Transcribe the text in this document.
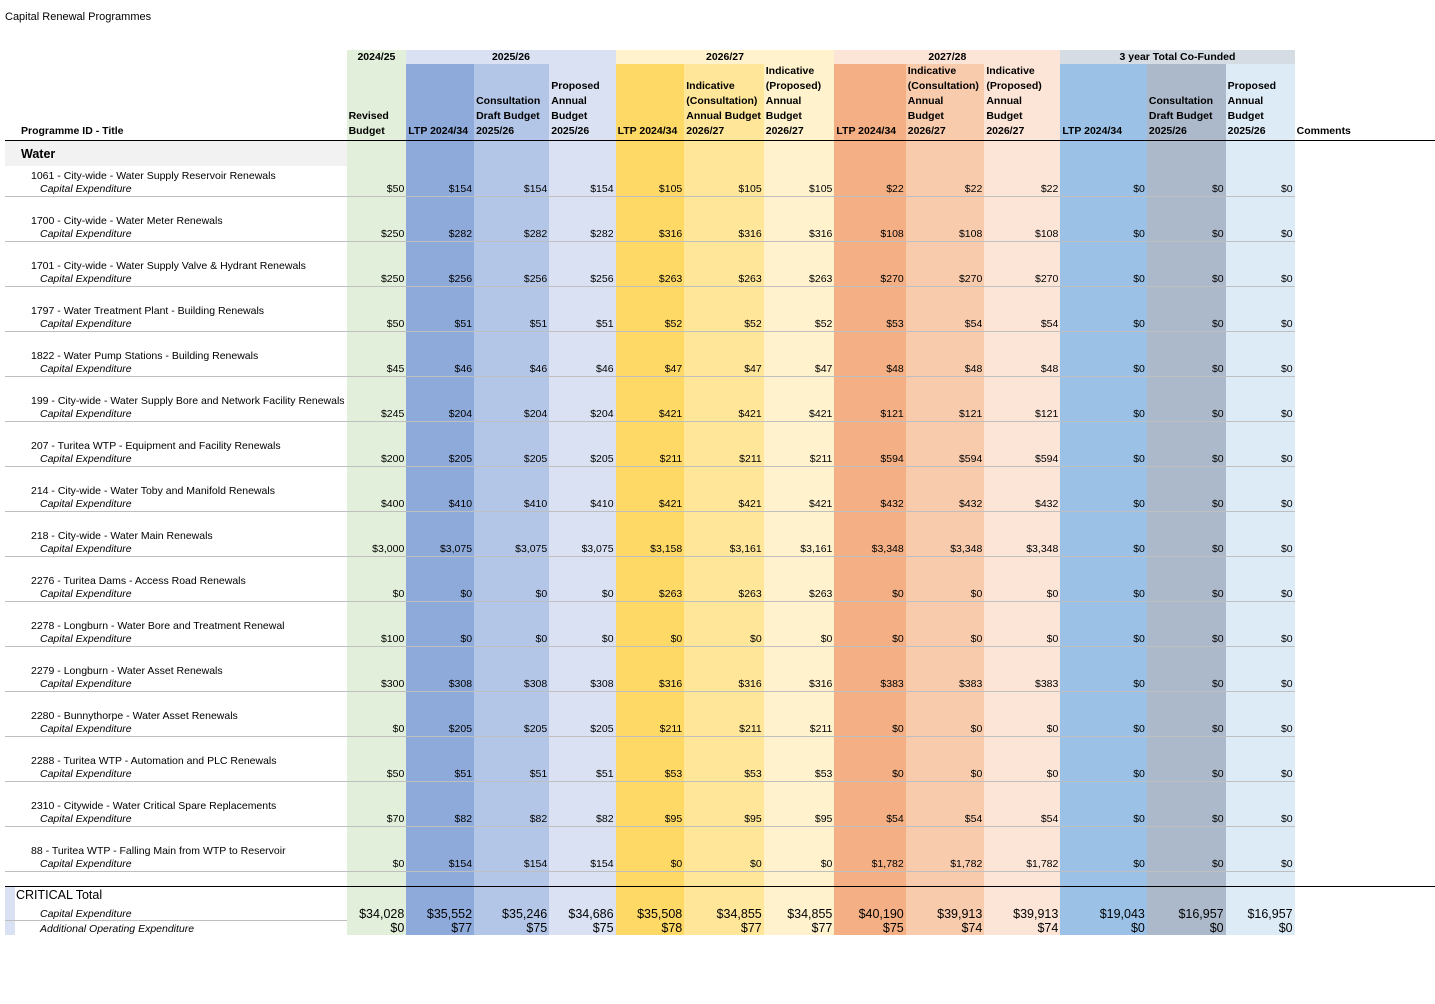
Capital Renewal Programmes
	2024/25	2025/26			2026/27			2027/28			3 year Total Co-Funded			
Programme ID - Title	Revised Budget	LTP 2024/34	Consultation Draft Budget 2025/26	Proposed Annual Budget 2025/26	LTP 2024/34	Indicative (Consultation) Annual Budget 2026/27	Indicative (Proposed) Annual Budget 2026/27	LTP 2024/34	Indicative (Consultation) Annual Budget 2026/27	Indicative (Proposed) Annual Budget 2026/27	LTP 2024/34	Consultation Draft Budget 2025/26	Proposed Annual Budget 2025/26	Comments
Water														
1061 - City-wide - Water Supply Reservoir Renewals														
Capital Expenditure	$50	$154	$154	$154	$105	$105	$105	$22	$22	$22	$0	$0	$0	

1700 - City-wide - Water Meter Renewals														
Capital Expenditure	$250	$282	$282	$282	$316	$316	$316	$108	$108	$108	$0	$0	$0	

1701 - City-wide - Water Supply Valve & Hydrant Renewals														
Capital Expenditure	$250	$256	$256	$256	$263	$263	$263	$270	$270	$270	$0	$0	$0	

1797 - Water Treatment Plant - Building Renewals														
Capital Expenditure	$50	$51	$51	$51	$52	$52	$52	$53	$54	$54	$0	$0	$0	

1822 - Water Pump Stations - Building Renewals														
Capital Expenditure	$45	$46	$46	$46	$47	$47	$47	$48	$48	$48	$0	$0	$0	

199 - City-wide - Water Supply Bore and Network Facility Renewals														
Capital Expenditure	$245	$204	$204	$204	$421	$421	$421	$121	$121	$121	$0	$0	$0	

207 - Turitea WTP - Equipment and Facility Renewals														
Capital Expenditure	$200	$205	$205	$205	$211	$211	$211	$594	$594	$594	$0	$0	$0	

214 - City-wide - Water Toby and Manifold Renewals														
Capital Expenditure	$400	$410	$410	$410	$421	$421	$421	$432	$432	$432	$0	$0	$0	

218 - City-wide - Water Main Renewals														
Capital Expenditure	$3,000	$3,075	$3,075	$3,075	$3,158	$3,161	$3,161	$3,348	$3,348	$3,348	$0	$0	$0	

2276 - Turitea Dams - Access Road Renewals														
Capital Expenditure	$0	$0	$0	$0	$263	$263	$263	$0	$0	$0	$0	$0	$0	

2278 - Longburn - Water Bore and Treatment Renewal														
Capital Expenditure	$100	$0	$0	$0	$0	$0	$0	$0	$0	$0	$0	$0	$0	

2279 - Longburn - Water Asset Renewals														
Capital Expenditure	$300	$308	$308	$308	$316	$316	$316	$383	$383	$383	$0	$0	$0	

2280 - Bunnythorpe - Water Asset Renewals														
Capital Expenditure	$0	$205	$205	$205	$211	$211	$211	$0	$0	$0	$0	$0	$0	

2288 - Turitea WTP - Automation and PLC Renewals														
Capital Expenditure	$50	$51	$51	$51	$53	$53	$53	$0	$0	$0	$0	$0	$0	

2310 - Citywide - Water Critical Spare Replacements														
Capital Expenditure	$70	$82	$82	$82	$95	$95	$95	$54	$54	$54	$0	$0	$0	

88 - Turitea WTP - Falling Main from WTP to Reservoir														
Capital Expenditure	$0	$154	$154	$154	$0	$0	$0	$1,782	$1,782	$1,782	$0	$0	$0	

CRITICAL Total														
Capital Expenditure	$34,028	$35,552	$35,246	$34,686	$35,508	$34,855	$34,855	$40,190	$39,913	$39,913	$19,043	$16,957	$16,957	
Additional Operating Expenditure	$0	$77	$75	$75	$78	$77	$77	$75	$74	$74	$0	$0	$0	
